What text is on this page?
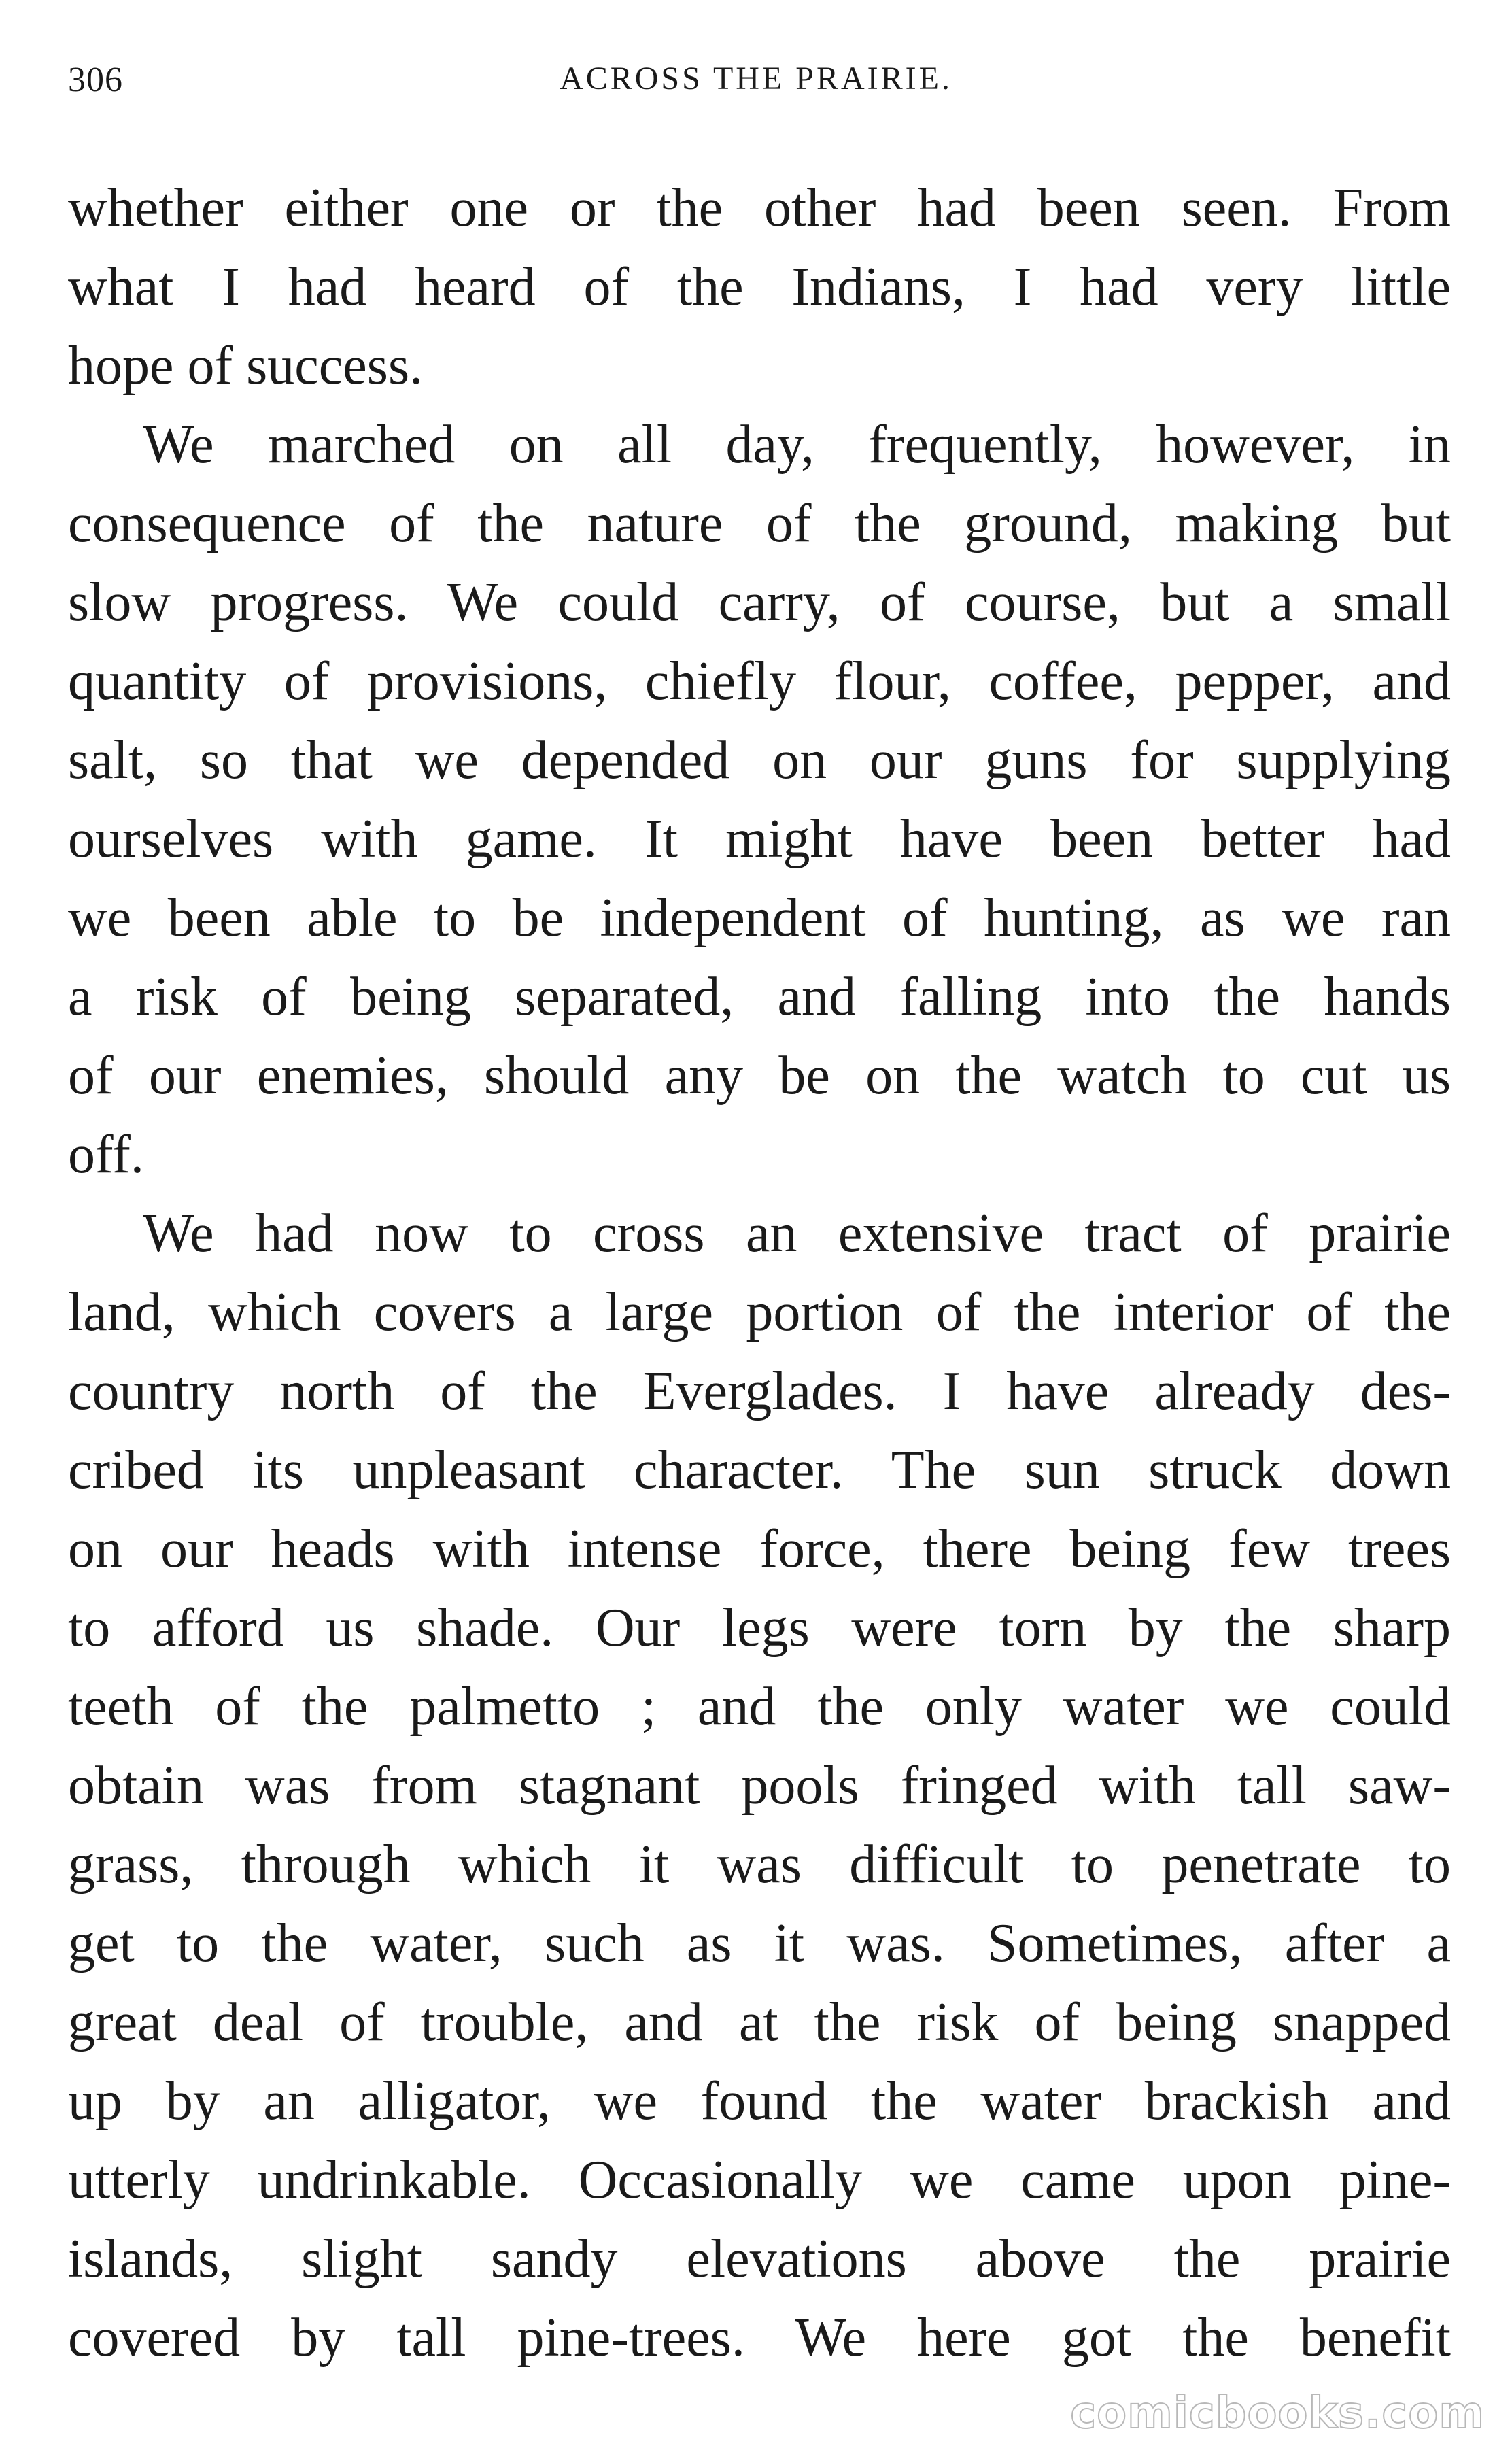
306	ACROSS THE PRAIRIE.
whether either one or the other had been seen. From
what I had heard of the Indians, I had very little
hope of success.
We marched on all day, frequently, however, in
consequence of the nature of the ground, making but
slow progress. We could carry, of course, but a small
quantity of provisions, chiefly flour, coffee, pepper, and
salt, so that we depended on our guns for supplying
ourselves with game. It might have been better had
we been able to be independent of hunting, as we ran
a risk of being separated, and falling into the hands
of our enemies, should any be on the watch to cut us
off.
We had now to cross an extensive tract of prairie
land, which covers a large portion of the interior of the
country north of the Everglades. I have already des-
cribed its unpleasant character. The sun struck down
on our heads with intense force, there being few trees
to afford us shade. Our legs were torn by the sharp
teeth of the palmetto ; and the only water we could
obtain was from stagnant pools fringed with tall saw-
grass, through which it was difficult to penetrate to
get to the water, such as it was. Sometimes, after a
great deal of trouble, and at the risk of being snapped
up by an alligator, we found the water brackish and
utterly undrinkable. Occasionally we came upon pine-
islands, slight sandy elevations above the prairie
covered by tall pine-trees. We here got the benefit
comicbooks.com
